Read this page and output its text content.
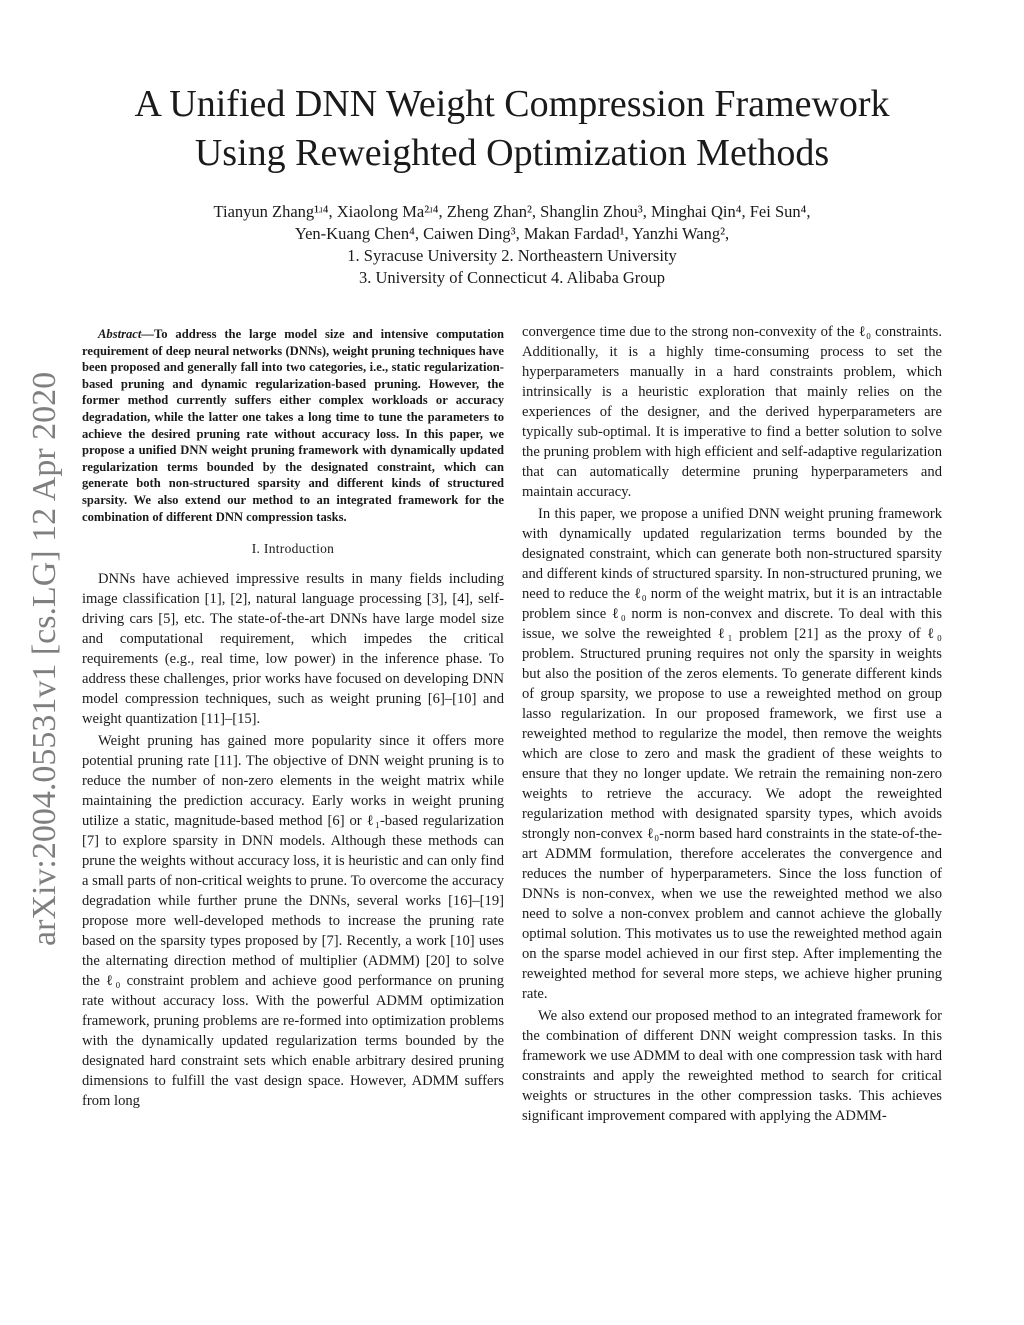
arXiv:2004.05531v1 [cs.LG] 12 Apr 2020
A Unified DNN Weight Compression Framework
Using Reweighted Optimization Methods
Tianyun Zhang¹ʴ⁴, Xiaolong Ma²ʴ⁴, Zheng Zhan², Shanglin Zhou³, Minghai Qin⁴, Fei Sun⁴,
Yen-Kuang Chen⁴, Caiwen Ding³, Makan Fardad¹, Yanzhi Wang²,
1. Syracuse University 2. Northeastern University
3. University of Connecticut 4. Alibaba Group
Abstract—To address the large model size and intensive computation requirement of deep neural networks (DNNs), weight pruning techniques have been proposed and generally fall into two categories, i.e., static regularization-based pruning and dynamic regularization-based pruning. However, the former method currently suffers either complex workloads or accuracy degradation, while the latter one takes a long time to tune the parameters to achieve the desired pruning rate without accuracy loss. In this paper, we propose a unified DNN weight pruning framework with dynamically updated regularization terms bounded by the designated constraint, which can generate both non-structured sparsity and different kinds of structured sparsity. We also extend our method to an integrated framework for the combination of different DNN compression tasks.
I. Introduction

DNNs have achieved impressive results in many fields including image classification [1], [2], natural language processing [3], [4], self-driving cars [5], etc. The state-of-the-art DNNs have large model size and computational requirement, which impedes the critical requirements (e.g., real time, low power) in the inference phase. To address these challenges, prior works have focused on developing DNN model compression techniques, such as weight pruning [6]–[10] and weight quantization [11]–[15].

Weight pruning has gained more popularity since it offers more potential pruning rate [11]. The objective of DNN weight pruning is to reduce the number of non-zero elements in the weight matrix while maintaining the prediction accuracy. Early works in weight pruning utilize a static, magnitude-based method [6] or ℓ₁-based regularization [7] to explore sparsity in DNN models. Although these methods can prune the weights without accuracy loss, it is heuristic and can only find a small parts of non-critical weights to prune. To overcome the accuracy degradation while further prune the DNNs, several works [16]–[19] propose more well-developed methods to increase the pruning rate based on the sparsity types proposed by [7]. Recently, a work [10] uses the alternating direction method of multiplier (ADMM) [20] to solve the ℓ₀ constraint problem and achieve good performance on pruning rate without accuracy loss. With the powerful ADMM optimization framework, pruning problems are re-formed into optimization problems with the dynamically updated regularization terms bounded by the designated hard constraint sets which enable arbitrary desired pruning dimensions to fulfill the vast design space. However, ADMM suffers from long

convergence time due to the strong non-convexity of the ℓ₀ constraints. Additionally, it is a highly time-consuming process to set the hyperparameters manually in a hard constraints problem, which intrinsically is a heuristic exploration that mainly relies on the experiences of the designer, and the derived hyperparameters are typically sub-optimal. It is imperative to find a better solution to solve the pruning problem with high efficient and self-adaptive regularization that can automatically determine pruning hyperparameters and maintain accuracy.

In this paper, we propose a unified DNN weight pruning framework with dynamically updated regularization terms bounded by the designated constraint, which can generate both non-structured sparsity and different kinds of structured sparsity. In non-structured pruning, we need to reduce the ℓ₀ norm of the weight matrix, but it is an intractable problem since ℓ₀ norm is non-convex and discrete. To deal with this issue, we solve the reweighted ℓ₁ problem [21] as the proxy of ℓ₀ problem. Structured pruning requires not only the sparsity in weights but also the position of the zeros elements. To generate different kinds of group sparsity, we propose to use a reweighted method on group lasso regularization. In our proposed framework, we first use a reweighted method to regularize the model, then remove the weights which are close to zero and mask the gradient of these weights to ensure that they no longer update. We retrain the remaining non-zero weights to retrieve the accuracy. We adopt the reweighted regularization method with designated sparsity types, which avoids strongly non-convex ℓ₀-norm based hard constraints in the state-of-the-art ADMM formulation, therefore accelerates the convergence and reduces the number of hyperparameters. Since the loss function of DNNs is non-convex, when we use the reweighted method we also need to solve a non-convex problem and cannot achieve the globally optimal solution. This motivates us to use the reweighted method again on the sparse model achieved in our first step. After implementing the reweighted method for several more steps, we achieve higher pruning rate.

We also extend our proposed method to an integrated framework for the combination of different DNN weight compression tasks. In this framework we use ADMM to deal with one compression task with hard constraints and apply the reweighted method to search for critical weights or structures in the other compression tasks. This achieves significant improvement compared with applying the ADMM-
